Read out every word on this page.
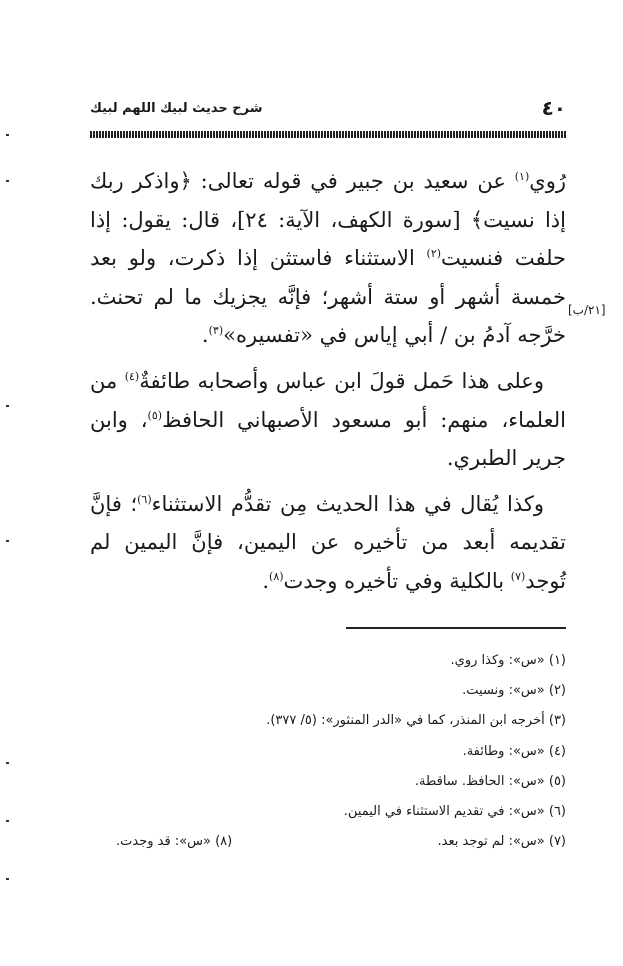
٤٠
شرح حديث لبيك اللهم لبيك
[٢١/ب]

رُوي$^{(١)}$ عن سعيد بن جبير في قوله تعالى: ﴿واذكر ربك إذا نسيت﴾ [سورة الكهف، الآية: ٢٤]، قال: يقول: إذا حلفت فنسيت$^{(٢)}$ الاستثناء فاستثن إذا ذكرت، ولو بعد خمسة أشهر أو ستة أشهر؛ فإنَّه يجزيك ما لم تحنث. خرَّجه آدمُ بن / أبي إياس في «تفسيره»$^{(٣)}$.

وعلى هذا حَمل قولَ ابن عباس وأصحابه طائفةٌ$^{(٤)}$ من العلماء، منهم: أبو مسعود الأصبهاني الحافظ$^{(٥)}$، وابن جرير الطبري.

وكذا يُقال في هذا الحديث مِن تقدُّم الاستثناء$^{(٦)}$؛ فإنَّ تقديمه أبعد من تأخيره عن اليمين، فإنَّ اليمين لم تُوجد$^{(٧)}$ بالكلية وفي تأخيره وجدت$^{(٨)}$.

(١) «س»: وكذا روي.
(٢) «س»: ونسيت.
(٣) أخرجه ابن المنذر، كما في «الدر المنثور»: (٥/ ٣٧٧).
(٤) «س»: وطائفة.
(٥) «س»: الحافظ. ساقطة.
(٦) «س»: في تقديم الاستثناء في اليمين.
(٧) «س»: لم توجد بعد.
(٨) «س»: قد وجدت.
